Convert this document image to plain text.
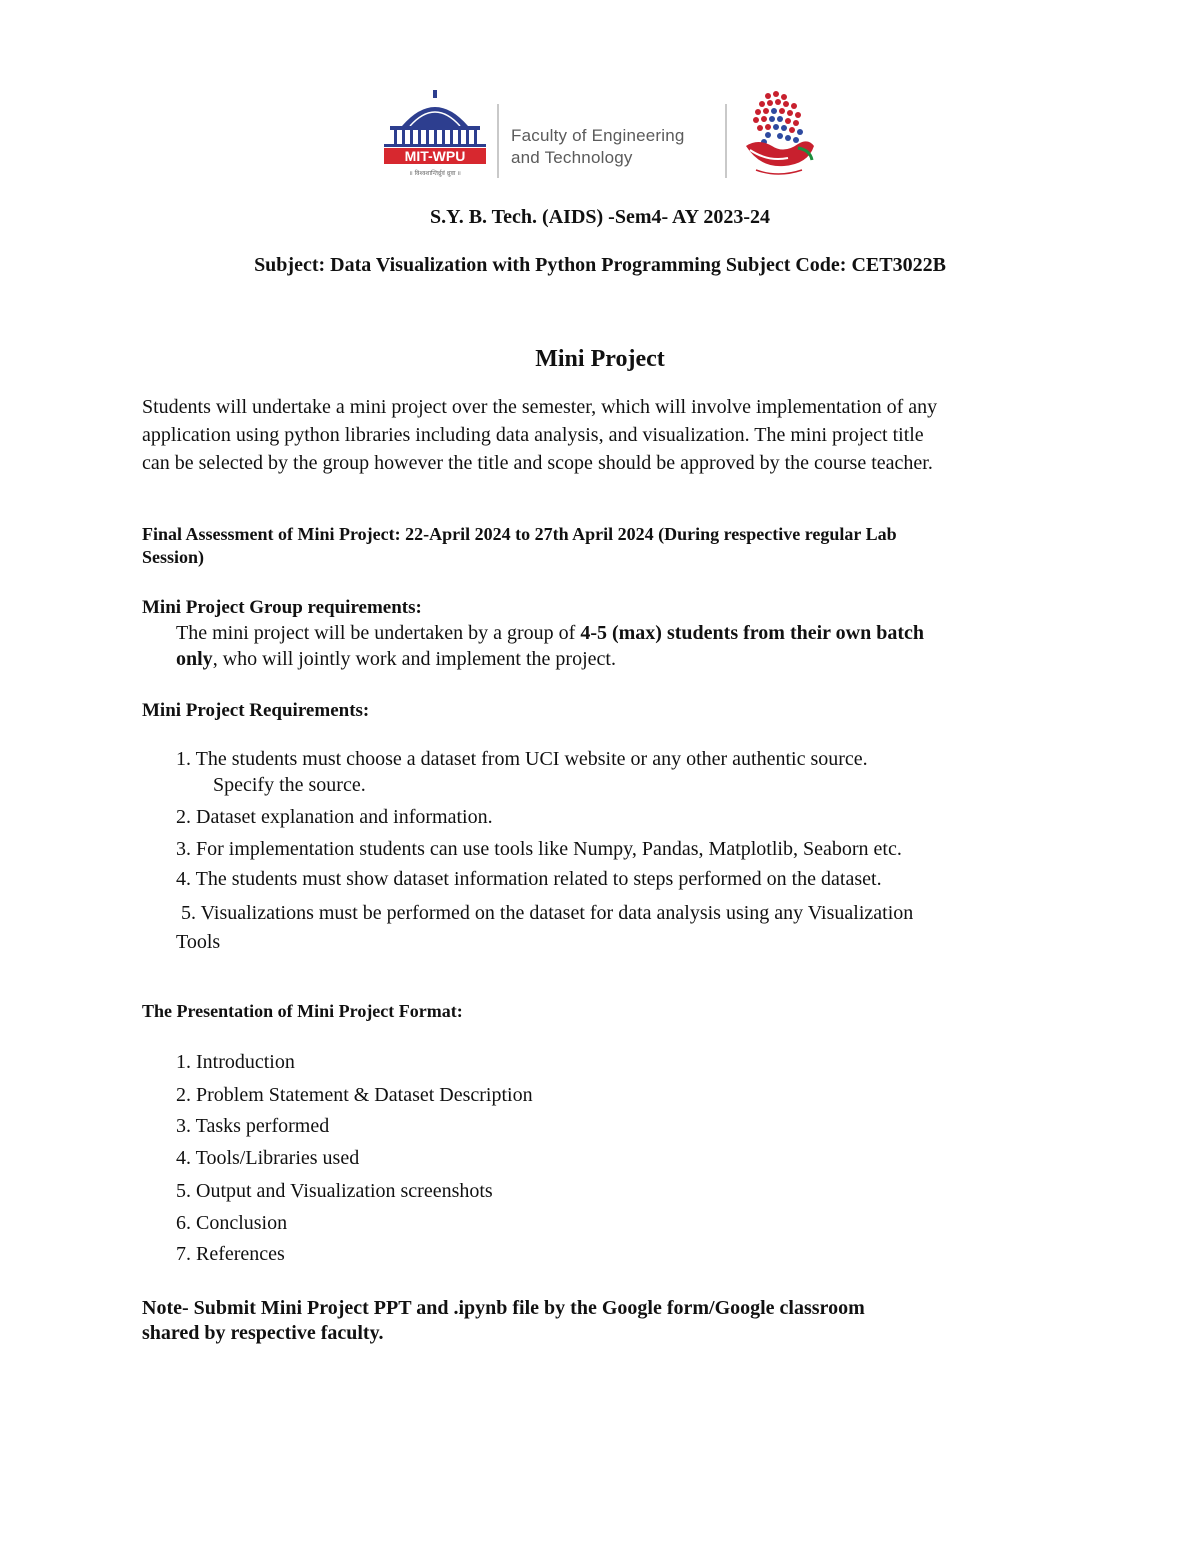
MIT-WPU
॥ विश्वशान्तिर्ध्रुवं ध्रुवा ॥
Faculty of Engineering
and Technology
S.Y. B. Tech. (AIDS) -Sem4- AY 2023-24
Subject: Data Visualization with Python Programming Subject Code: CET3022B
Mini Project
Students will undertake a mini project over the semester, which will involve implementation of any
application using python libraries including data analysis, and visualization. The mini project title
can be selected by the group however the title and scope should be approved by the course teacher.
Final Assessment of Mini Project: 22-April 2024 to 27th April 2024 (During respective regular Lab
Session)
Mini Project Group requirements:
The mini project will be undertaken by a group of 4-5 (max) students from their own batch
only, who will jointly work and implement the project.
Mini Project Requirements:
1. The students must choose a dataset from UCI website or any other authentic source.
Specify the source.
2. Dataset explanation and information.
3. For implementation students can use tools like Numpy, Pandas, Matplotlib, Seaborn etc.
4. The students must show dataset information related to steps performed on the dataset.
5. Visualizations must be performed on the dataset for data analysis using any Visualization
Tools
The Presentation of Mini Project Format:
1. Introduction
2. Problem Statement & Dataset Description
3. Tasks performed
4. Tools/Libraries used
5. Output and Visualization screenshots
6. Conclusion
7. References
Note- Submit Mini Project PPT and .ipynb file by the Google form/Google classroom
shared by respective faculty.
